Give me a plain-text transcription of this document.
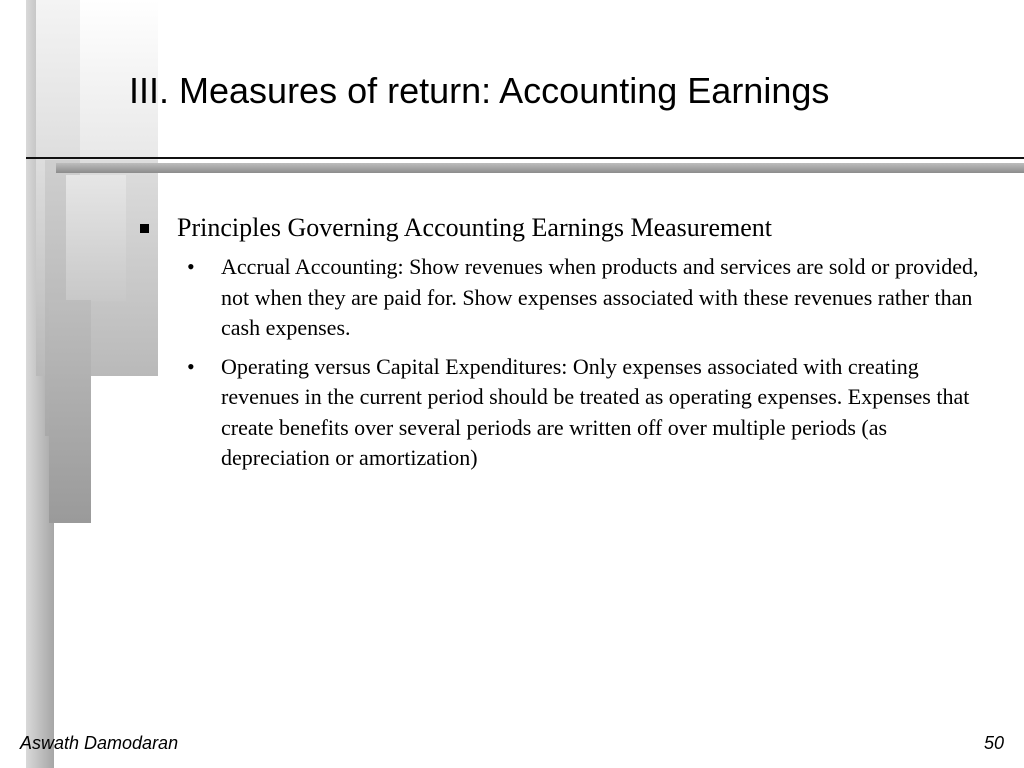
III. Measures of return: Accounting Earnings
Principles Governing Accounting Earnings Measurement
•	Accrual Accounting: Show revenues when products and services are sold or provided, not when they are paid for. Show expenses associated with these revenues rather than cash expenses.
•	Operating versus Capital Expenditures: Only expenses associated with creating revenues in the current period should be treated as operating expenses. Expenses that create benefits over several periods are written off over multiple periods (as depreciation or amortization)
Aswath Damodaran	50
